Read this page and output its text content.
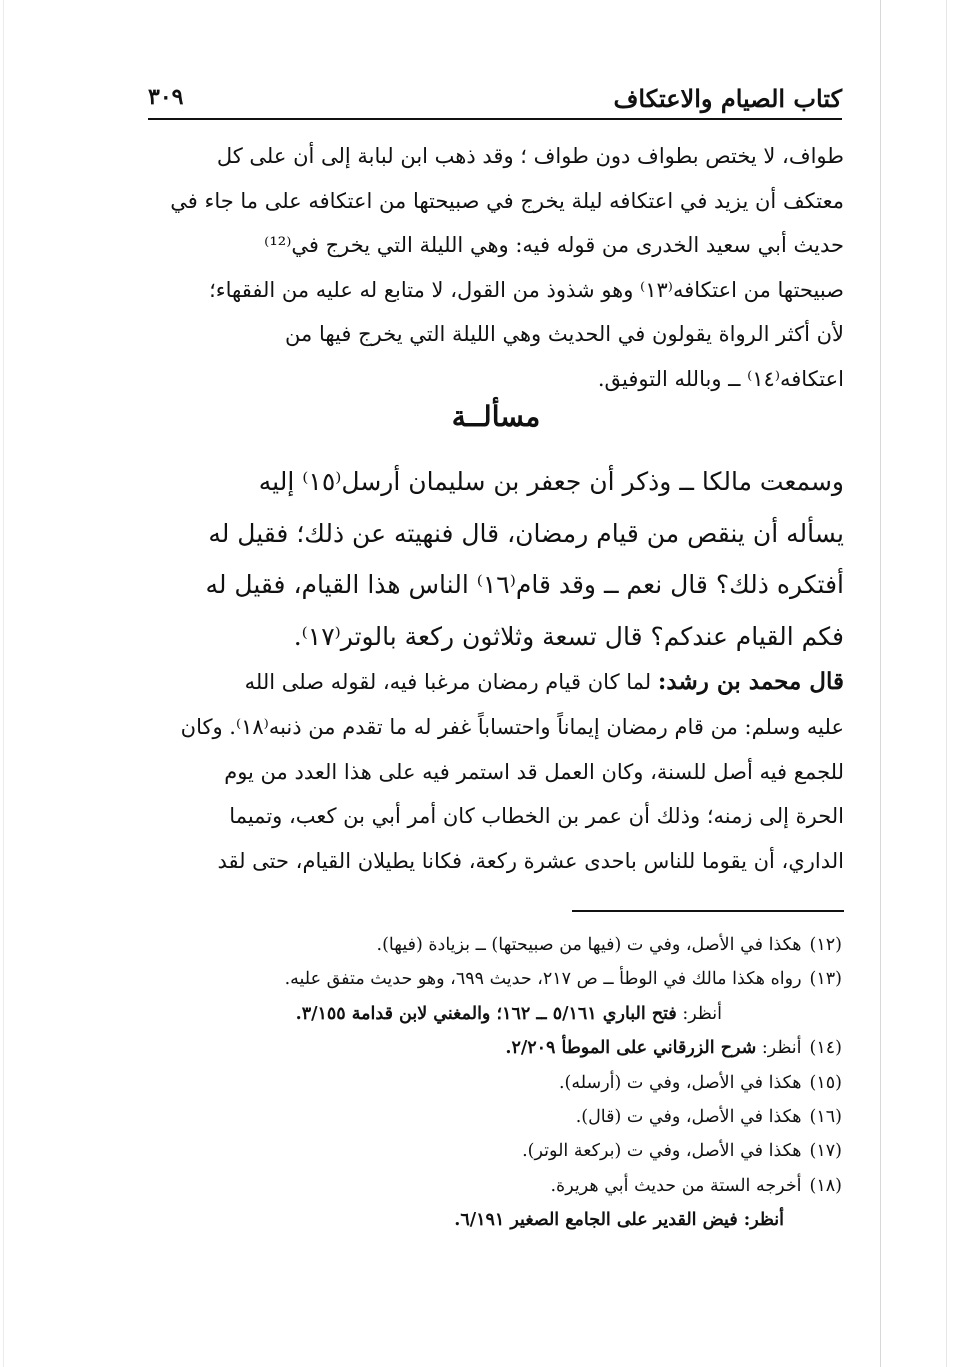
كتاب الصيام والاعتكاف
٣٠٩
طواف، لا يختص بطواف دون طواف ؛ وقد ذهب ابن لبابة إلى أن على كل
معتكف أن يزيد في اعتكافه ليلة يخرج في صبيحتها من اعتكافه على ما جاء في
حديث أبي سعيد الخدرى من قوله فيه: وهي الليلة التي يخرج في⁽¹²⁾
صبيحتها من اعتكافه⁽١٣⁾ وهو شذوذ من القول، لا متابع له عليه من الفقهاء؛
لأن أكثر الرواة يقولون في الحديث وهي الليلة التي يخرج فيها من
اعتكافه⁽١٤⁾ ــ وبالله التوفيق.
مسألــة
وسمعت مالكا ــ وذكر أن جعفر بن سليمان أرسل⁽١٥⁾ إليه
يسأله أن ينقص من قيام رمضان، قال فنهيته عن ذلك؛ فقيل له
أفتكره ذلك؟ قال نعم ــ وقد قام⁽١٦⁾ الناس هذا القيام، فقيل له
فكم القيام عندكم؟ قال تسعة وثلاثون ركعة بالوتر⁽١٧⁾.
قال محمد بن رشد: لما كان قيام رمضان مرغبا فيه، لقوله صلى الله
عليه وسلم: من قام رمضان إيماناً واحتساباً غفر له ما تقدم من ذنبه⁽١٨⁾. وكان
للجمع فيه أصل للسنة، وكان العمل قد استمر فيه على هذا العدد من يوم
الحرة إلى زمنه؛ وذلك أن عمر بن الخطاب كان أمر أبي بن كعب، وتميما
الداري، أن يقوما للناس باحدى عشرة ركعة، فكانا يطيلان القيام، حتى لقد
(١٢)هكذا في الأصل، وفي ت (فيها من صبيحتها) ــ بزيادة (فيها).
(١٣)رواه هكذا مالك في الوطأ ــ ص ٢١٧، حديث ٦٩٩، وهو حديث متفق عليه.
أنظر: فتح الباري ٥/١٦١ ــ ١٦٢؛ والمغني لابن قدامة ٣/١٥٥.
(١٤)أنظر: شرح الزرقاني على الموطأ ٢/٢٠٩.
(١٥)هكذا في الأصل، وفي ت (أرسله).
(١٦)هكذا في الأصل، وفي ت (قال).
(١٧)هكذا في الأصل، وفي ت (بركعة الوتر).
(١٨)أخرجه الستة من حديث أبي هريرة.
أنظر: فيض القدير على الجامع الصغير ٦/١٩١.
